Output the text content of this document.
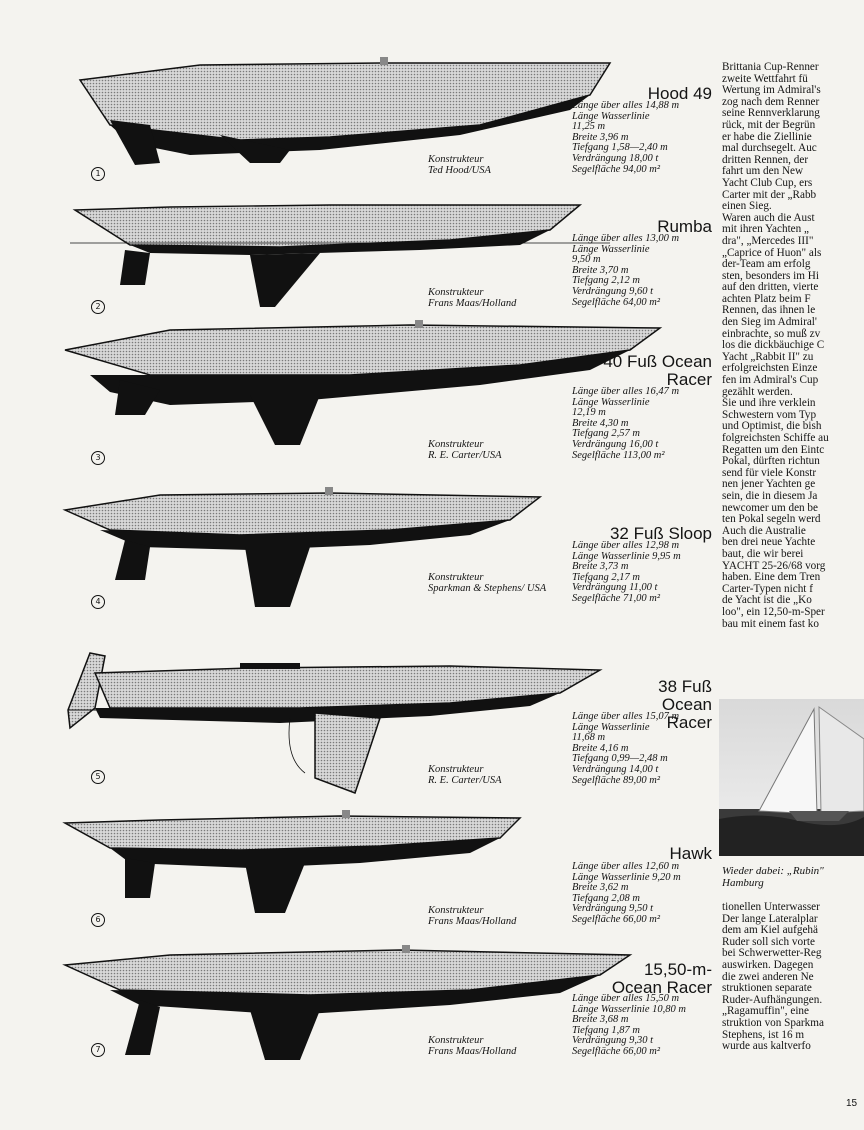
1
Hood 49
Konstrukteur
Ted Hood/USA
Länge über alles 14,88 m
Länge Wasserlinie
11,25 m
Breite 3,96 m
Tiefgang 1,58—2,40 m
Verdrängung 18,00 t
Segelfläche 94,00 m²
2
Rumba
Konstrukteur
Frans Maas/Holland
Länge über alles 13,00 m
Länge Wasserlinie
9,50 m
Breite 3,70 m
Tiefgang 2,12 m
Verdrängung 9,60 t
Segelfläche 64,00 m²
3
40 Fuß Ocean Racer
Konstrukteur
R. E. Carter/USA
Länge über alles 16,47 m
Länge Wasserlinie
12,19 m
Breite 4,30 m
Tiefgang 2,57 m
Verdrängung 16,00 t
Segelfläche 113,00 m²
4
32 Fuß Sloop
Konstrukteur
Sparkman & Stephens/ USA
Länge über alles 12,98 m
Länge Wasserlinie 9,95 m
Breite 3,73 m
Tiefgang 2,17 m
Verdrängung 11,00 t
Segelfläche 71,00 m²
5
38 Fuß Ocean Racer
Konstrukteur
R. E. Carter/USA
Länge über alles 15,07 m
Länge Wasserlinie
11,68 m
Breite 4,16 m
Tiefgang 0,99—2,48 m
Verdrängung 14,00 t
Segelfläche 89,00 m²
6
Hawk
Konstrukteur
Frans Maas/Holland
Länge über alles 12,60 m
Länge Wasserlinie 9,20 m
Breite 3,62 m
Tiefgang 2,08 m
Verdrängung 9,50 t
Segelfläche 66,00 m²
7
15,50-m- Ocean Racer
Konstrukteur
Frans Maas/Holland
Länge über alles 15,50 m
Länge Wasserlinie 10,80 m
Breite 3,68 m
Tiefgang 1,87 m
Verdrängung 9,30 t
Segelfläche 66,00 m²
Brittania Cup-Renner
zweite Wettfahrt fü
Wertung im Admiral's
zog nach dem Renner
seine Rennverklarung
rück, mit der Begrün
er habe die Ziellinie
mal durchsegelt. Auc
dritten Rennen, der
fahrt um den New
Yacht Club Cup, ers
Carter mit der „Rabb
einen Sieg.
Waren auch die Aust
mit ihren Yachten „
dra", „Mercedes III"
„Caprice of Huon" als
der-Team am erfolg
sten, besonders im Hi
auf den dritten, vierte
achten Platz beim F
Rennen, das ihnen le
den Sieg im Admiral'
einbrachte, so muß zv
los die dickbäuchige C
Yacht „Rabbit II" zu
erfolgreichsten Einze
fen im Admiral's Cup
gezählt werden.
Sie und ihre verklein
Schwestern vom Typ
und Optimist, die bish
folgreichsten Schiffe au
Regatten um den Eintc
Pokal, dürften richtun
send für viele Konstr
nen jener Yachten ge
sein, die in diesem Ja
newcomer um den be
ten Pokal segeln werd
Auch die Australie
ben drei neue Yachte
baut, die wir berei
YACHT 25-26/68 vorg
haben. Eine dem Tren
Carter-Typen nicht f
de Yacht ist die „Ko
loo", ein 12,50-m-Sper
bau mit einem fast ko
Wieder dabei: „Rubin"
Hamburg
tionellen Unterwasser
Der lange Lateralplar
dem am Kiel aufgehä
Ruder soll sich vorte
bei Schwerwetter-Reg
auswirken. Dagegen
die zwei anderen Ne
struktionen separate
Ruder-Aufhängungen.
„Ragamuffin", eine
struktion von Sparkma
Stephens, ist 16 m
wurde aus kaltverfo
15
